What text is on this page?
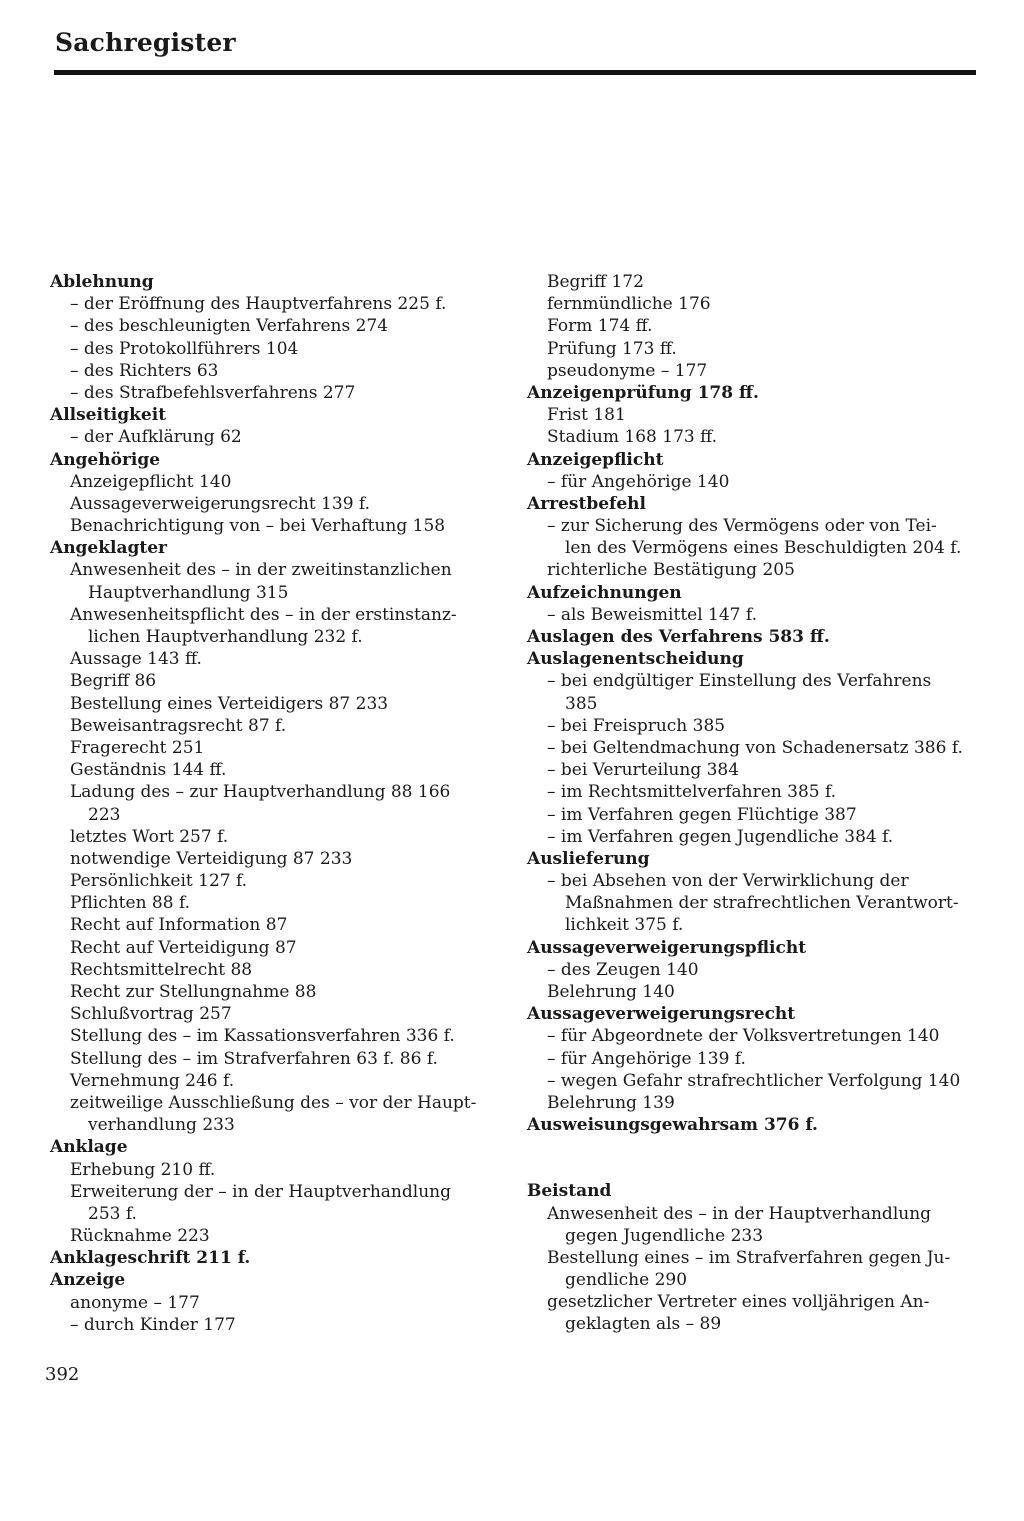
Sachregister
Ablehnung
– der Eröffnung des Hauptverfahrens 225 f.
– des beschleunigten Verfahrens 274
– des Protokollführers 104
– des Richters 63
– des Strafbefehlsverfahrens 277
Allseitigkeit
– der Aufklärung 62
Angehörige
Anzeigepflicht 140
Aussageverweigerungsrecht 139 f.
Benachrichtigung von – bei Verhaftung 158
Angeklagter
Anwesenheit des – in der zweitinstanzlichen
Hauptverhandlung 315
Anwesenheitspflicht des – in der erstinstanz-
lichen Hauptverhandlung 232 f.
Aussage 143 ff.
Begriff 86
Bestellung eines Verteidigers 87 233
Beweisantragsrecht 87 f.
Fragerecht 251
Geständnis 144 ff.
Ladung des – zur Hauptverhandlung 88 166
223
letztes Wort 257 f.
notwendige Verteidigung 87 233
Persönlichkeit 127 f.
Pflichten 88 f.
Recht auf Information 87
Recht auf Verteidigung 87
Rechtsmittelrecht 88
Recht zur Stellungnahme 88
Schlußvortrag 257
Stellung des – im Kassationsverfahren 336 f.
Stellung des – im Strafverfahren 63 f. 86 f.
Vernehmung 246 f.
zeitweilige Ausschließung des – vor der Haupt-
verhandlung 233
Anklage
Erhebung 210 ff.
Erweiterung der – in der Hauptverhandlung
253 f.
Rücknahme 223
Anklageschrift 211 f.
Anzeige
anonyme – 177
– durch Kinder 177
Begriff 172
fernmündliche 176
Form 174 ff.
Prüfung 173 ff.
pseudonyme – 177
Anzeigenprüfung 178 ff.
Frist 181
Stadium 168 173 ff.
Anzeigepflicht
– für Angehörige 140
Arrestbefehl
– zur Sicherung des Vermögens oder von Tei-
len des Vermögens eines Beschuldigten 204 f.
richterliche Bestätigung 205
Aufzeichnungen
– als Beweismittel 147 f.
Auslagen des Verfahrens 583 ff.
Auslagenentscheidung
– bei endgültiger Einstellung des Verfahrens
385
– bei Freispruch 385
– bei Geltendmachung von Schadenersatz 386 f.
– bei Verurteilung 384
– im Rechtsmittelverfahren 385 f.
– im Verfahren gegen Flüchtige 387
– im Verfahren gegen Jugendliche 384 f.
Auslieferung
– bei Absehen von der Verwirklichung der
Maßnahmen der strafrechtlichen Verantwort-
lichkeit 375 f.
Aussageverweigerungspflicht
– des Zeugen 140
Belehrung 140
Aussageverweigerungsrecht
– für Abgeordnete der Volksvertretungen 140
– für Angehörige 139 f.
– wegen Gefahr strafrechtlicher Verfolgung 140
Belehrung 139
Ausweisungsgewahrsam 376 f.
Beistand
Anwesenheit des – in der Hauptverhandlung
gegen Jugendliche 233
Bestellung eines – im Strafverfahren gegen Ju-
gendliche 290
gesetzlicher Vertreter eines volljährigen An-
geklagten als – 89
392
